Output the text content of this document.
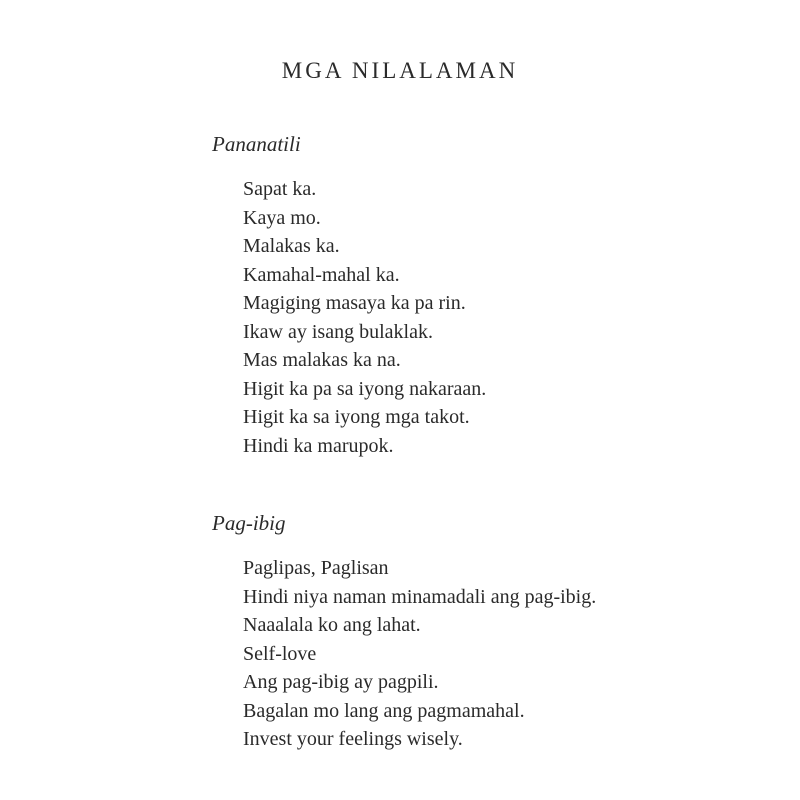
MGA NILALAMAN
Pananatili
Sapat ka.
Kaya mo.
Malakas ka.
Kamahal-mahal ka.
Magiging masaya ka pa rin.
Ikaw ay isang bulaklak.
Mas malakas ka na.
Higit ka pa sa iyong nakaraan.
Higit ka sa iyong mga takot.
Hindi ka marupok.
Pag-ibig
Paglipas, Paglisan
Hindi niya naman minamadali ang pag-ibig.
Naaalala ko ang lahat.
Self-love
Ang pag-ibig ay pagpili.
Bagalan mo lang ang pagmamahal.
Invest your feelings wisely.
